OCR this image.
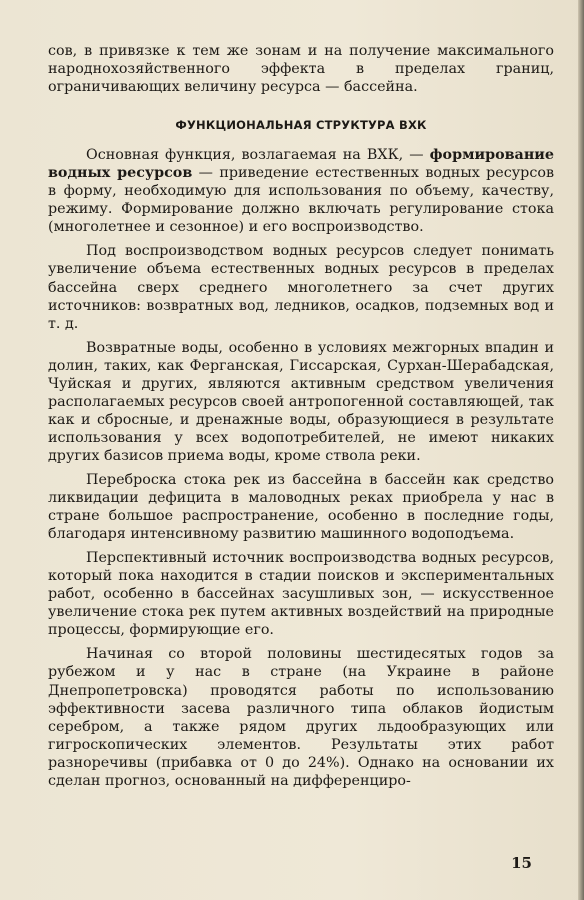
сов, в привязке к тем же зонам и на получение максимального народнохозяйственного эффекта в пределах границ, ограничивающих величину ресурса — бассейна.

ФУНКЦИОНАЛЬНАЯ СТРУКТУРА ВХК

Основная функция, возлагаемая на ВХК, — формирование водных ресурсов — приведение естественных водных ресурсов в форму, необходимую для использования по объему, качеству, режиму. Формирование должно включать регулирование стока (многолетнее и сезонное) и его воспроизводство.

Под воспроизводством водных ресурсов следует понимать увеличение объема естественных водных ресурсов в пределах бассейна сверх среднего многолетнего за счет других источников: возвратных вод, ледников, осадков, подземных вод и т. д.

Возвратные воды, особенно в условиях межгорных впадин и долин, таких, как Ферганская, Гиссарская, Сурхан-Шерабадская, Чуйская и других, являются активным средством увеличения располагаемых ресурсов своей антропогенной составляющей, так как и сбросные, и дренажные воды, образующиеся в результате использования у всех водопотребителей, не имеют никаких других базисов приема воды, кроме ствола реки.

Переброска стока рек из бассейна в бассейн как средство ликвидации дефицита в маловодных реках приобрела у нас в стране большое распространение, особенно в последние годы, благодаря интенсивному развитию машинного водоподъема.

Перспективный источник воспроизводства водных ресурсов, который пока находится в стадии поисков и экспериментальных работ, особенно в бассейнах засушливых зон, — искусственное увеличение стока рек путем активных воздействий на природные процессы, формирующие его.

Начиная со второй половины шестидесятых годов за рубежом и у нас в стране (на Украине в районе Днепропетровска) проводятся работы по использованию эффективности засева различного типа облаков йодистым серебром, а также рядом других льдообразующих или гигроскопических элементов. Результаты этих работ разноречивы (прибавка от 0 до 24%). Однако на основании их сделан прогноз, основанный на дифференциро-

15
